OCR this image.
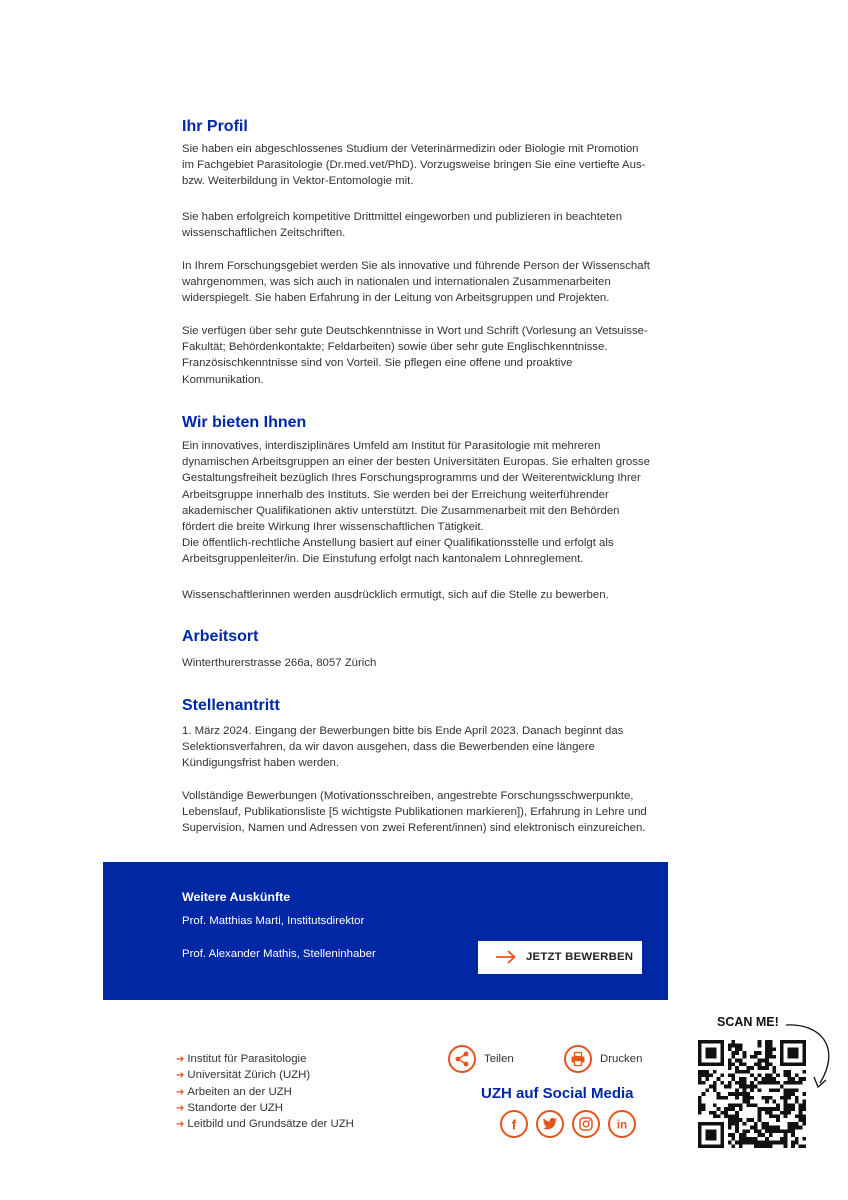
Ihr Profil
Sie haben ein abgeschlossenes Studium der Veterinärmedizin oder Biologie mit Promotion
im Fachgebiet Parasitologie (Dr.med.vet/PhD). Vorzugsweise bringen Sie eine vertiefte Aus-
bzw. Weiterbildung in Vektor-Entomologie mit.
Sie haben erfolgreich kompetitive Drittmittel eingeworben und publizieren in beachteten
wissenschaftlichen Zeitschriften.
In Ihrem Forschungsgebiet werden Sie als innovative und führende Person der Wissenschaft
wahrgenommen, was sich auch in nationalen und internationalen Zusammenarbeiten
widerspiegelt. Sie haben Erfahrung in der Leitung von Arbeitsgruppen und Projekten.
Sie verfügen über sehr gute Deutschkenntnisse in Wort und Schrift (Vorlesung an Vetsuisse-
Fakultät; Behördenkontakte; Feldarbeiten) sowie über sehr gute Englischkenntnisse.
Französischkenntnisse sind von Vorteil. Sie pflegen eine offene und proaktive
Kommunikation.
Wir bieten Ihnen
Ein innovatives, interdisziplinäres Umfeld am Institut für Parasitologie mit mehreren
dynamischen Arbeitsgruppen an einer der besten Universitäten Europas. Sie erhalten grosse
Gestaltungsfreiheit bezüglich Ihres Forschungsprogramms und der Weiterentwicklung Ihrer
Arbeitsgruppe innerhalb des Instituts. Sie werden bei der Erreichung weiterführender
akademischer Qualifikationen aktiv unterstützt. Die Zusammenarbeit mit den Behörden
fördert die breite Wirkung Ihrer wissenschaftlichen Tätigkeit.
Die öffentlich-rechtliche Anstellung basiert auf einer Qualifikationsstelle und erfolgt als
Arbeitsgruppenleiter/in. Die Einstufung erfolgt nach kantonalem Lohnreglement.
Wissenschaftlerinnen werden ausdrücklich ermutigt, sich auf die Stelle zu bewerben.
Arbeitsort
Winterthurerstrasse 266a, 8057 Zürich
Stellenantritt
1. März 2024. Eingang der Bewerbungen bitte bis Ende April 2023. Danach beginnt das
Selektionsverfahren, da wir davon ausgehen, dass die Bewerbenden eine längere
Kündigungsfrist haben werden.
Vollständige Bewerbungen (Motivationsschreiben, angestrebte Forschungsschwerpunkte,
Lebenslauf, Publikationsliste [5 wichtigste Publikationen markieren]), Erfahrung in Lehre und
Supervision, Namen und Adressen von zwei Referent/innen) sind elektronisch einzureichen.
Weitere Auskünfte
Prof. Matthias Marti, Institutsdirektor
Prof. Alexander Mathis, Stelleninhaber	JETZT BEWERBEN
➔ Institut für Parasitologie
➔ Universität Zürich (UZH)
➔ Arbeiten an der UZH
➔ Standorte der UZH
➔ Leitbild und Grundsätze der UZH
Teilen	Drucken
UZH auf Social Media
f	in
SCAN ME!
